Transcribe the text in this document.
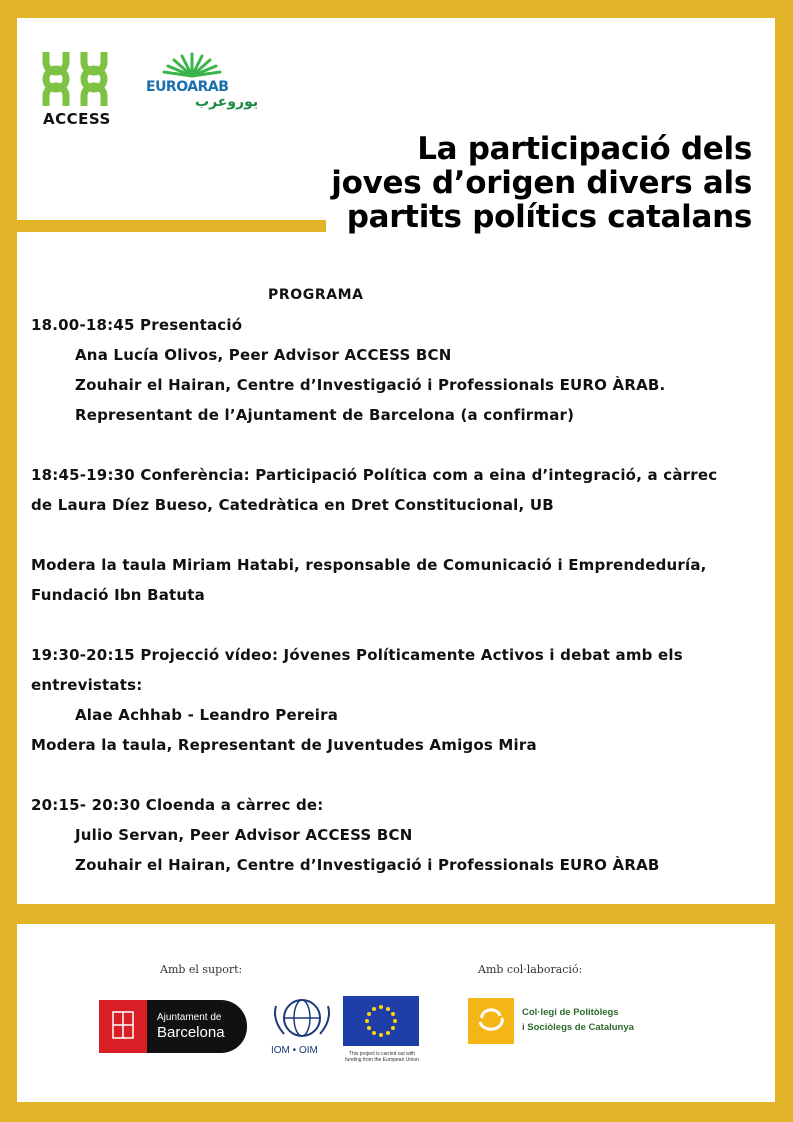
ACCESS
EUROARAB
يوروعرب
La participació dels
joves d’origen divers als
partits polítics catalans
PROGRAMA
18.00-18:45 Presentació
Ana Lucía Olivos, Peer Advisor ACCESS BCN
Zouhair el Hairan, Centre d’Investigació i Professionals EURO ÀRAB.
Representant de l’Ajuntament de Barcelona (a confirmar)
18:45-19:30 Conferència: Participació Política com a eina d’integració, a càrrec
de Laura Díez Bueso, Catedràtica en Dret Constitucional, UB
Modera la taula Miriam Hatabi, responsable de Comunicació i Emprendeduría,
Fundació Ibn Batuta
19:30-20:15 Projecció vídeo: Jóvenes Políticamente Activos i debat amb els
entrevistats:
Alae Achhab - Leandro Pereira
Modera la taula, Representant de Juventudes Amigos Mira
20:15- 20:30 Cloenda a càrrec de:
Julio Servan, Peer Advisor ACCESS BCN
Zouhair el Hairan, Centre d’Investigació i Professionals EURO ÀRAB
Amb el suport:	Amb col·laboració:
Ajuntament de
Barcelona
IOM • OIM	This project is carried out with funding from the European Union
Col·legi de Politòlegs
i Sociòlegs de Catalunya
